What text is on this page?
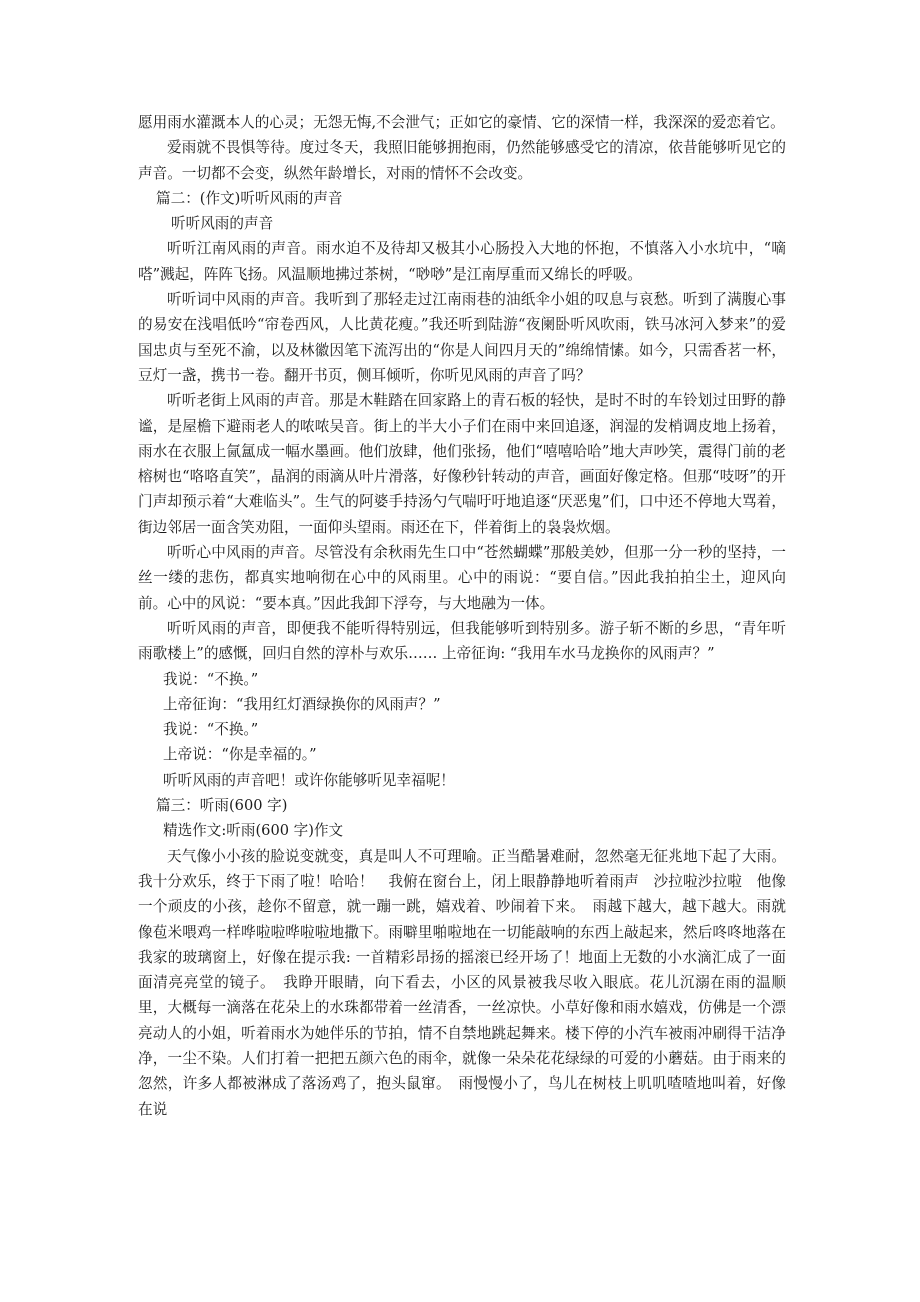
愿用雨水灌溉本人的心灵；无怨无悔,不会泄气；正如它的豪情、它的深情一样，我深深的爱恋着它。

爱雨就不畏惧等待。度过冬天，我照旧能够拥抱雨，仍然能够感受它的清凉，依昔能够听见它的声音。一切都不会变，纵然年龄增长，对雨的情怀不会改变。

篇二：(作文)听听风雨的声音

听听风雨的声音

听听江南风雨的声音。雨水迫不及待却又极其小心肠投入大地的怀抱，不慎落入小水坑中，“嘀嗒”溅起，阵阵飞扬。风温顺地拂过茶树，“唦唦”是江南厚重而又绵长的呼吸。

听听词中风雨的声音。我听到了那轻走过江南雨巷的油纸伞小姐的叹息与哀愁。听到了满腹心事的易安在浅唱低吟“帘卷西风，人比黄花瘦。”我还听到陆游“夜阑卧听风吹雨，铁马冰河入梦来”的爱国忠贞与至死不渝，以及林徽因笔下流泻出的“你是人间四月天的”绵绵情愫。如今，只需香茗一杯，豆灯一盏，携书一卷。翻开书页，侧耳倾听，你听见风雨的声音了吗？

听听老街上风雨的声音。那是木鞋踏在回家路上的青石板的轻快，是时不时的车铃划过田野的静谧，是屋檐下避雨老人的哝哝吴音。街上的半大小子们在雨中来回追逐，润湿的发梢调皮地上扬着，雨水在衣服上氤氲成一幅水墨画。他们放肆，他们张扬，他们“嘻嘻哈哈”地大声吵笑，震得门前的老榕树也“咯咯直笑”，晶润的雨滴从叶片滑落，好像秒针转动的声音，画面好像定格。但那“吱呀”的开门声却预示着“大难临头”。生气的阿婆手持汤勺气喘吁吁地追逐“厌恶鬼”们，口中还不停地大骂着，街边邻居一面含笑劝阻，一面仰头望雨。雨还在下，伴着街上的袅袅炊烟。

听听心中风雨的声音。尽管没有余秋雨先生口中“苍然蝴蝶”那般美妙，但那一分一秒的坚持，一丝一缕的悲伤，都真实地响彻在心中的风雨里。心中的雨说：“要自信。”因此我拍拍尘土，迎风向前。心中的风说：“要本真。”因此我卸下浮夸，与大地融为一体。

听听风雨的声音，即便我不能听得特别远，但我能够听到特别多。游子斩不断的乡思，“青年听雨歌楼上”的感慨，回归自然的淳朴与欢乐…… 上帝征询: “我用车水马龙换你的风雨声？”

我说：“不换。”

上帝征询：“我用红灯酒绿换你的风雨声？”

我说：“不换。”

上帝说：“你是幸福的。”

听听风雨的声音吧！或许你能够听见幸福呢！

篇三：听雨(600 字)

精选作文:听雨(600 字)作文

天气像小小孩的脸说变就变，真是叫人不可理喻。正当酷暑难耐，忽然毫无征兆地下起了大雨。我十分欢乐，终于下雨了啦！哈哈！　我俯在窗台上，闭上眼静静地听着雨声　沙拉啦沙拉啦　他像一个顽皮的小孩，趁你不留意，就一蹦一跳，嬉戏着、吵闹着下来。　雨越下越大，越下越大。雨就像苞米喂鸡一样哗啦啦哗啦啦地撒下。雨噼里啪啦地在一切能敲响的东西上敲起来，然后咚咚地落在我家的玻璃窗上，好像在提示我: 一首精彩昂扬的摇滚已经开场了！地面上无数的小水滴汇成了一面面清亮亮堂的镜子。　我睁开眼睛，向下看去，小区的风景被我尽收入眼底。花儿沉溺在雨的温顺里，大概每一滴落在花朵上的水珠都带着一丝清香，一丝凉快。小草好像和雨水嬉戏，仿佛是一个漂亮动人的小姐，听着雨水为她伴乐的节拍，情不自禁地跳起舞来。楼下停的小汽车被雨冲刷得干洁净净，一尘不染。人们打着一把把五颜六色的雨伞，就像一朵朵花花绿绿的可爱的小蘑菇。由于雨来的忽然，许多人都被淋成了落汤鸡了，抱头鼠窜。　雨慢慢小了，鸟儿在树枝上叽叽喳喳地叫着，好像在说
